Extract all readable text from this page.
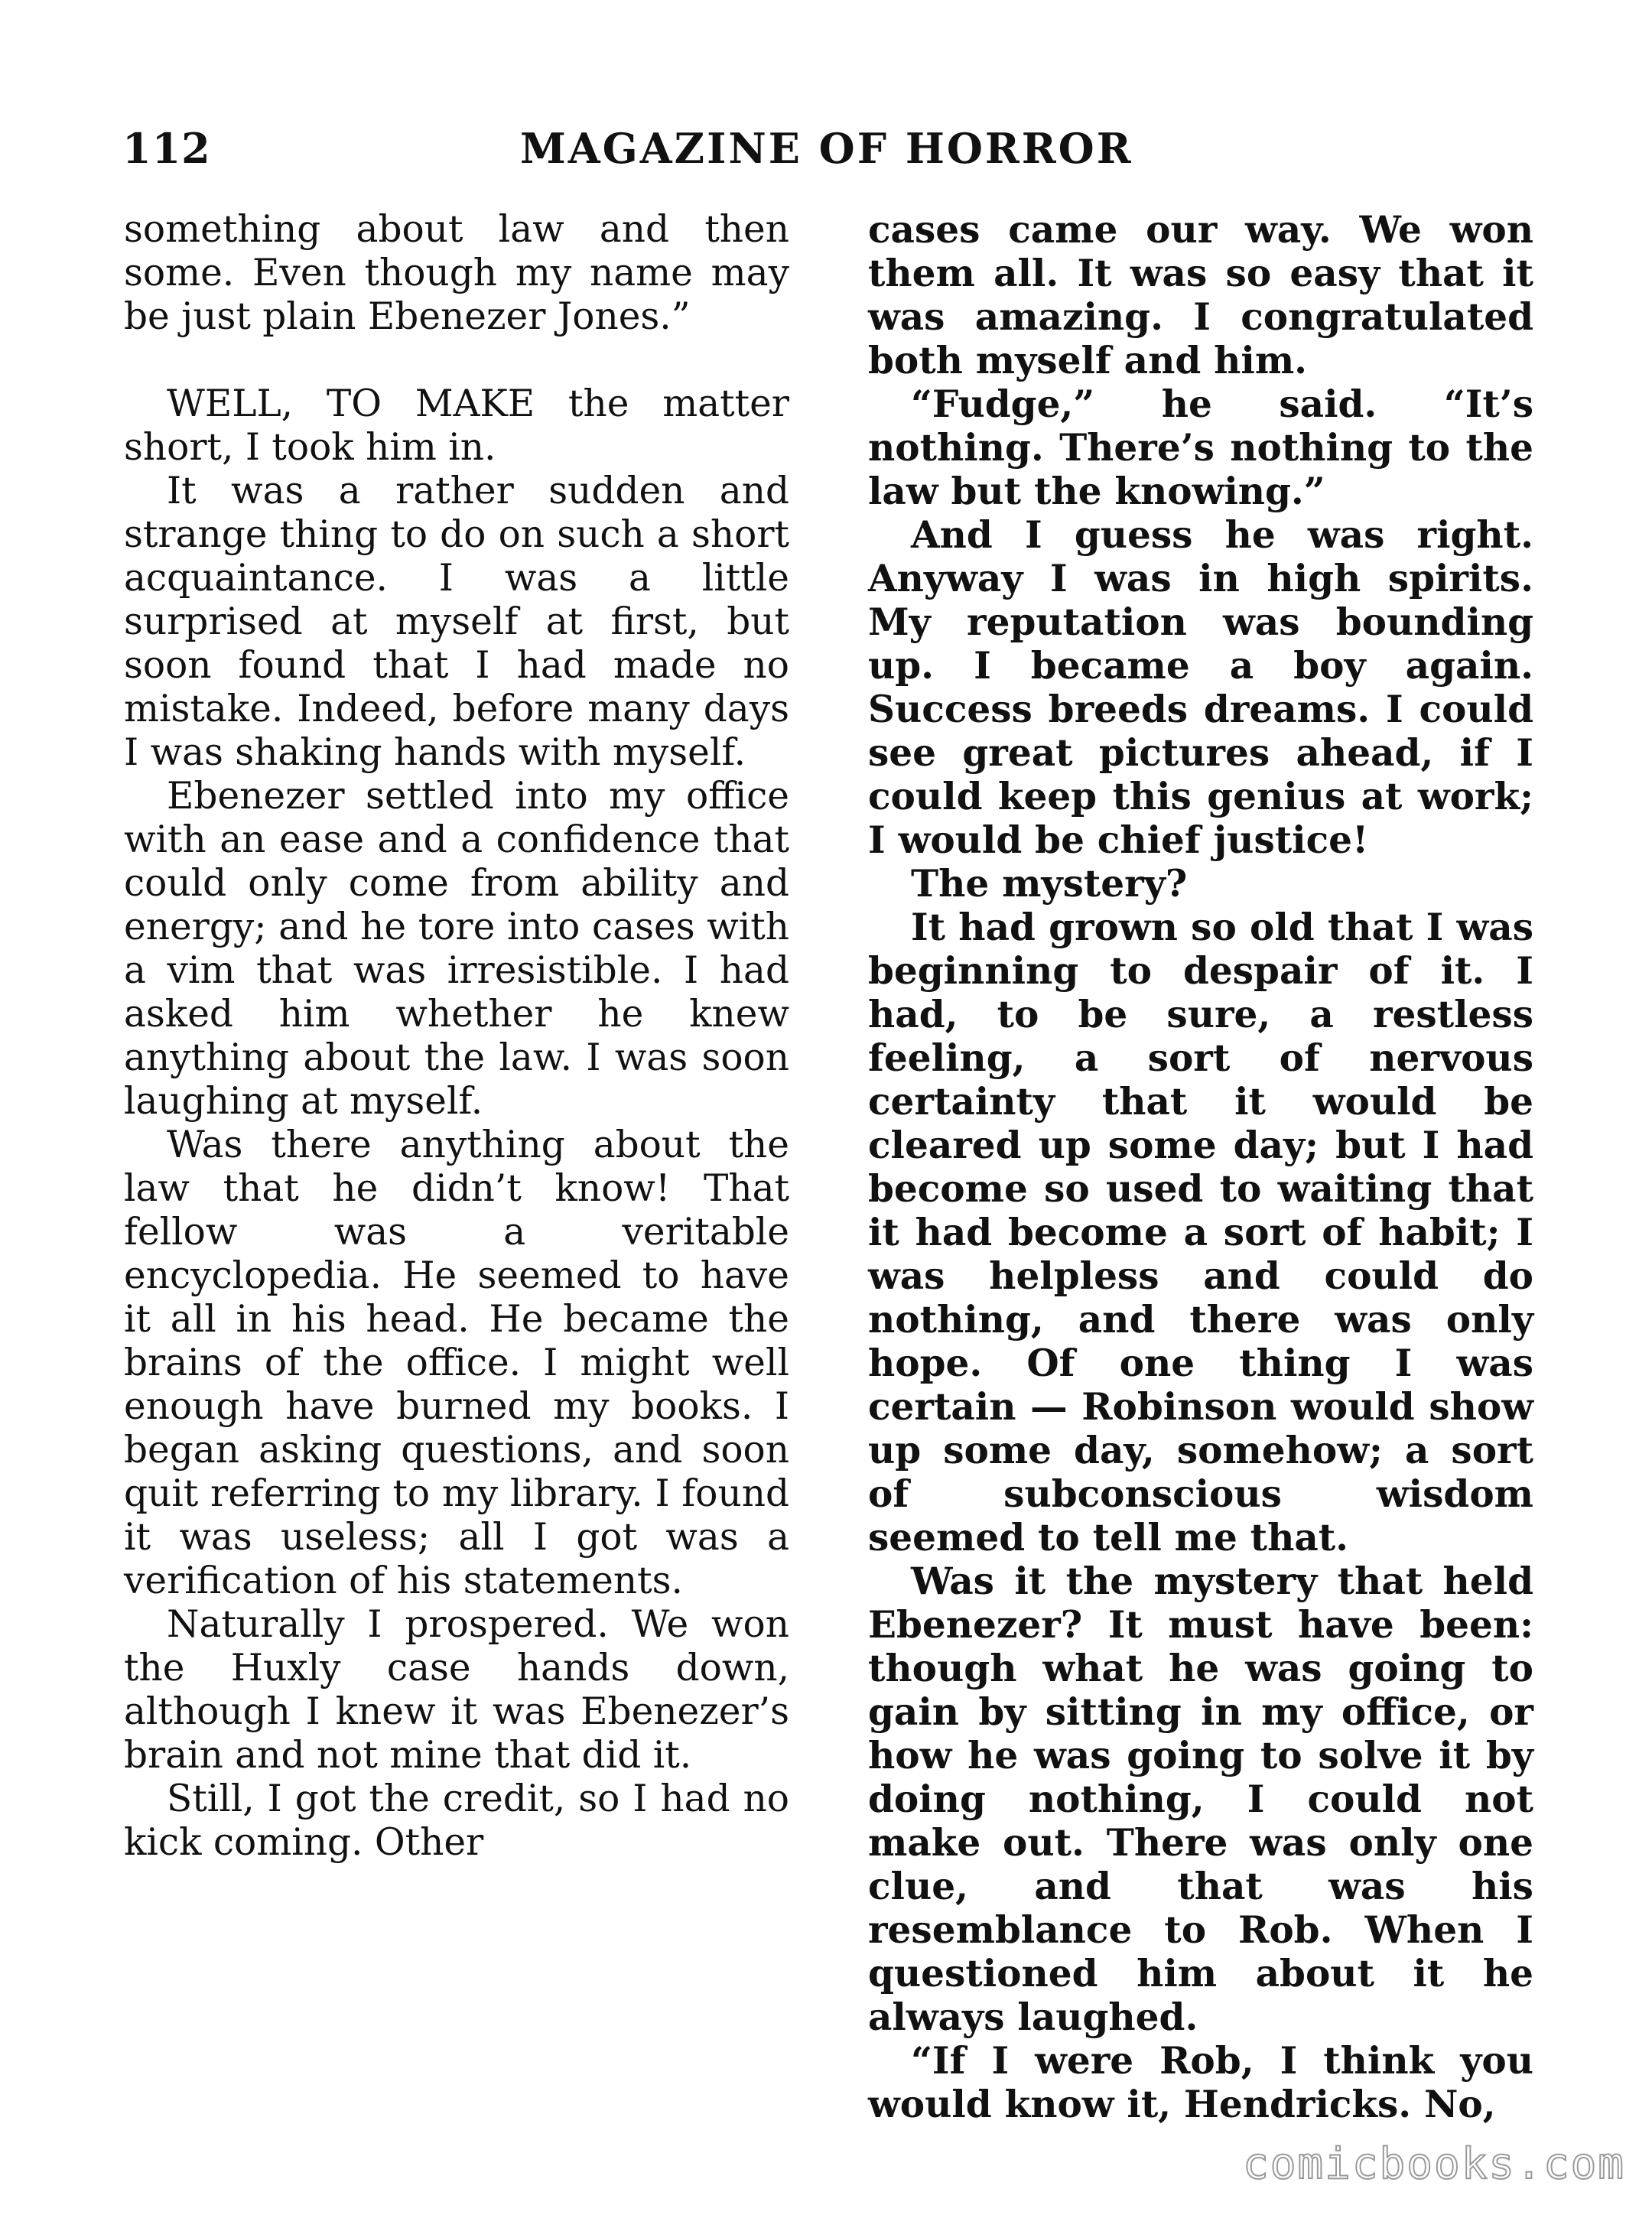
112	MAGAZINE OF HORROR

something about law and then some. Even though my name may be just plain Ebenezer Jones.”

WELL, TO MAKE the matter short, I took him in.

It was a rather sudden and strange thing to do on such a short acquaintance. I was a little surprised at myself at first, but soon found that I had made no mistake. Indeed, before many days I was shaking hands with myself.

Ebenezer settled into my office with an ease and a confidence that could only come from ability and energy; and he tore into cases with a vim that was irresistible. I had asked him whether he knew anything about the law. I was soon laughing at myself.

Was there anything about the law that he didn’t know! That fellow was a veritable encyclopedia. He seemed to have it all in his head. He became the brains of the office. I might well enough have burned my books. I began asking questions, and soon quit referring to my library. I found it was useless; all I got was a verification of his statements.

Naturally I prospered. We won the Huxly case hands down, although I knew it was Ebenezer’s brain and not mine that did it.

Still, I got the credit, so I had no kick coming. Other

cases came our way. We won them all. It was so easy that it was amazing. I congratulated both myself and him.

“Fudge,” he said. “It’s nothing. There’s nothing to the law but the knowing.”

And I guess he was right. Anyway I was in high spirits. My reputation was bounding up. I became a boy again. Success breeds dreams. I could see great pictures ahead, if I could keep this genius at work; I would be chief justice!

The mystery?

It had grown so old that I was beginning to despair of it. I had, to be sure, a restless feeling, a sort of nervous certainty that it would be cleared up some day; but I had become so used to waiting that it had become a sort of habit; I was helpless and could do nothing, and there was only hope. Of one thing I was certain — Robinson would show up some day, somehow; a sort of subconscious wisdom seemed to tell me that.

Was it the mystery that held Ebenezer? It must have been: though what he was going to gain by sitting in my office, or how he was going to solve it by doing nothing, I could not make out. There was only one clue, and that was his resemblance to Rob. When I questioned him about it he always laughed.

“If I were Rob, I think you would know it, Hendricks. No,

comicbooks.com
